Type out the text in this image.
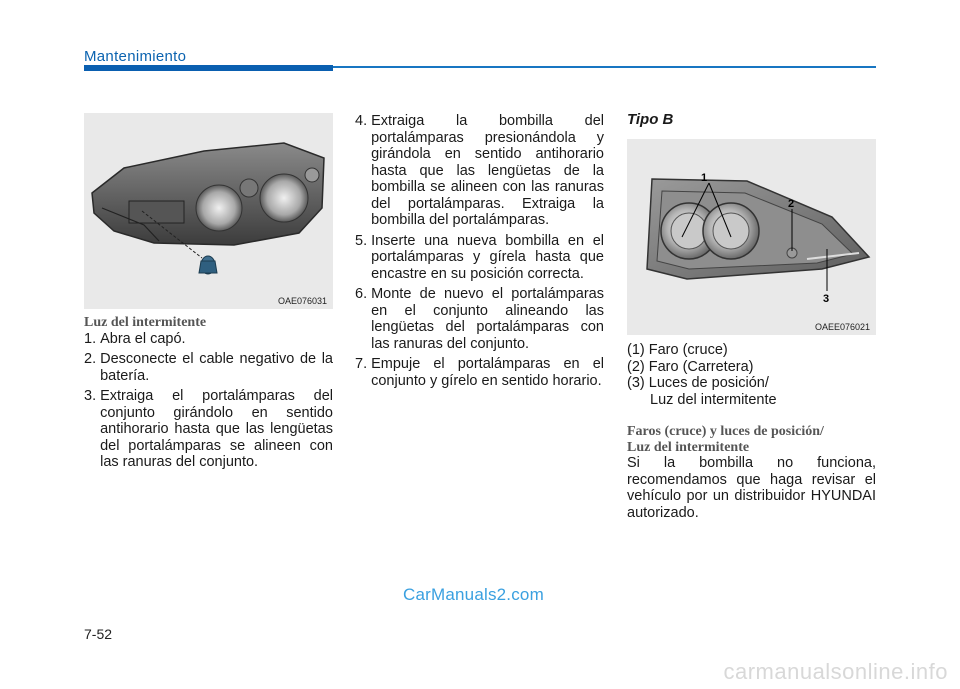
Mantenimiento
OAE076031
1
2
3
OAEE076021

Luz del intermitente

1. Abra el capó.
2. Desconecte el cable negativo de la batería.
3. Extraiga el portalámparas del conjunto girándolo en sentido antihorario hasta que las lengüetas del portalámparas se alineen con las ranuras del conjunto.
4. Extraiga la bombilla del portalámparas presionándola y girándola en sentido antihorario hasta que las lengüetas de la bombilla se alineen con las ranuras del portalámparas. Extraiga la bombilla del portalámparas.
5. Inserte una nueva bombilla en el portalámparas y gírela hasta que encastre en su posición correcta.
6. Monte de nuevo el portalámparas en el conjunto alineando las lengüetas del portalámparas con las ranuras del conjunto.
7. Empuje el portalámparas en el conjunto y gírelo en sentido horario.
Tipo B

(1) Faro (cruce)

(2) Faro (Carretera)

(3) Luces de posición/
Luz del intermitente

Faros (cruce) y luces de posición/

Luz del intermitente

Si la bombilla no funciona, recomendamos que haga revisar el vehículo por un distribuidor HYUNDAI autorizado.

7-52
CarManuals2.com
carmanualsonline.info
